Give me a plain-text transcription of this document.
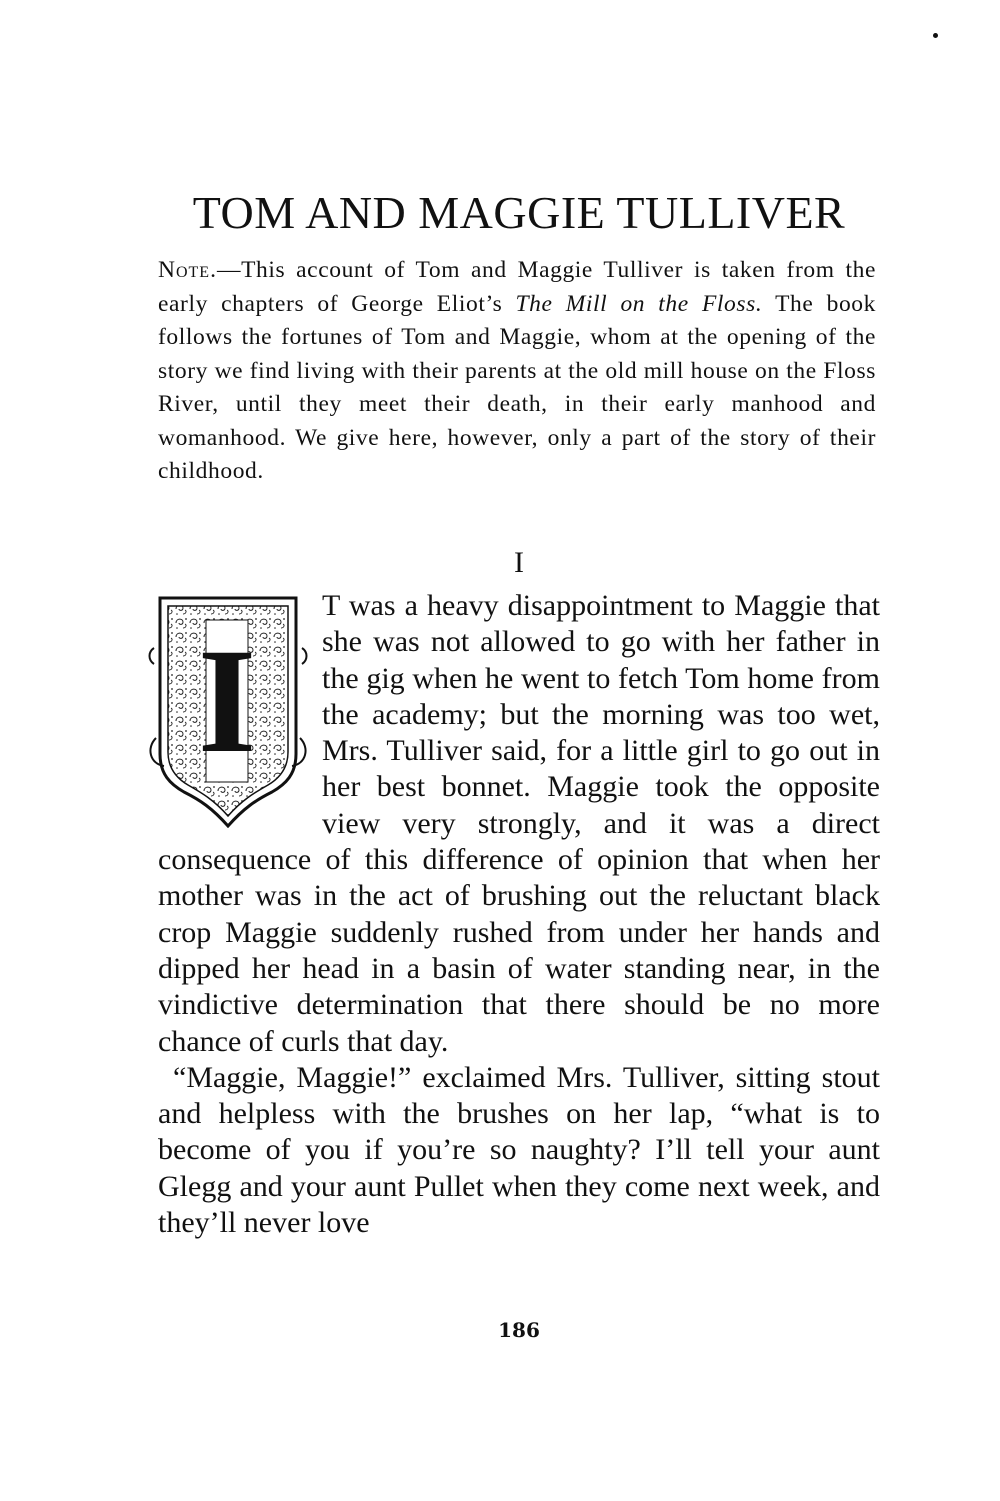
TOM AND MAGGIE TULLIVER

Note.—This account of Tom and Maggie Tulliver is taken from the early chapters of George Eliot’s The Mill on the Floss. The book follows the fortunes of Tom and Maggie, whom at the opening of the story we find living with their parents at the old mill house on the Floss River, until they meet their death, in their early manhood and womanhood. We give here, however, only a part of the story of their childhood.

I
I

T was a heavy disappointment to Maggie that she was not allowed to go with her father in the gig when he went to fetch Tom home from the academy; but the morning was too wet, Mrs. Tulliver said, for a little girl to go out in her best bonnet. Maggie took the opposite view very strongly, and it was a direct consequence of this difference of opinion that when her mother was in the act of brushing out the reluctant black crop Maggie suddenly rushed from under her hands and dipped her head in a basin of water standing near, in the vindictive determination that there should be no more chance of curls that day.

“Maggie, Maggie!” exclaimed Mrs. Tulliver, sitting stout and helpless with the brushes on her lap, “what is to become of you if you’re so naughty? I’ll tell your aunt Glegg and your aunt Pullet when they come next week, and they’ll never love

186
